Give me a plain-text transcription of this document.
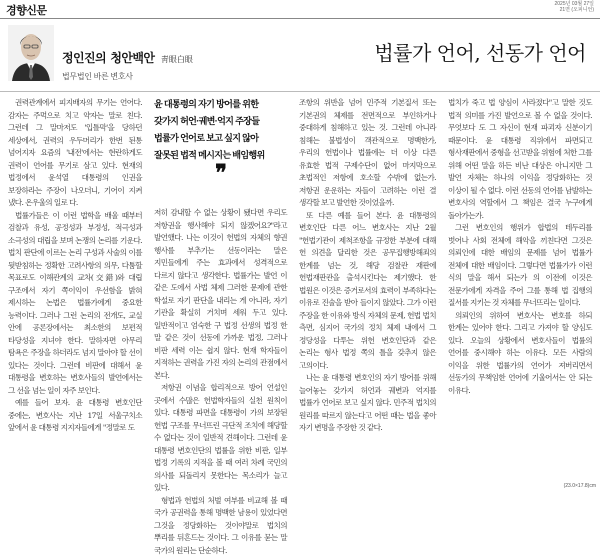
경향신문	2025년 03월 27일
21면 (오피니언)
정인진의 청안백안 靑眼白眼
법무법인 바른 변호사
법률가 언어, 선동가 언어

권력관계에서 피지배자의 무기는 언어다. 감자는 주먹으로 치고 약자는 말로 친다. 그런데 그 말마저도 '입틀막'을 당하던 세상에서, 권력의 우두머리가 한번 된통 넘어지자 요즘의 '내전'에서는 현란하게도 권력이 언어를 무기로 삼고 있다. 현재의 법정에서 윤석열 대통령의 인권을 보장하라는 주장이 나오더니, 기어이 지켜 냈다. 온우울의 일로 다.

법률가들은 이 이런 법학을 배울 때부터 검찰과 유성, 공정성과 부정성, 적극성과 소극성의 대립을 보며 논쟁의 논리를 기운다. 법치 판단에 이르는 논리 구성과 사술의 이를 뒷받침하는 정확한 고려사항의 의무, 다툼할 목표로도 이해관계의 교차(交錯)와 대립 구조에서 자기 쪽이익이 우선함을 밝혀 제시하는 논법은 법률가에게 중요한 능력이다. 그러나 그런 논리의 전개도, 교실 안에 공론장에서는 최소한의 보편적 타당성을 지녀야 한다. 말하자면 아무리 탐욕은 주장을 하더라도 넘지 말아야 할 선이 있다는 것이다. 그런데 비판에 대해서 윤 대통령을 변호하는 변호사들의 발언에서는 그 선을 넘는 일이 자주 보인다.

예를 들어 보자. 윤 대통령 변호인단 중에는, 변호사는 지난 17일 서울구치소 앞에서 윤 대통령 지지자들에게 "정말로 도

윤 대통령의 자기 방어를 위한

갖가지 허언·궤변·억지 주장들

법률가 언어로 보고 싶지 않아

잘못된 법적 메시지는 배임행위

❞

저히 감내할 수 없는 상황이 됐다면 우리도 저항권을 행사해야 되지 않겠어요?"라고 발언했다. 나는 이것이 헌법의 자체의 향권 행사를 부추기는 선동이라는 말은 지민들에게 주는 효과에서 성격적으로 다르지 않다고 생각한다. 법률가는 발언 이 같은 도에서 사법 체제 그러한 문제에 관한 학설로 자기 판단을 내리는 게 아니라, 자기 기관을 확실히 거치며 세워 두고 있다. 일반적이고 엄숙한 구 법정 선생의 법정 한 말 같은 것이 선동에 가까운 법정, 그러나 비판 세력 이는 쉽지 않다. 현재 학자들이 지적하는 권력을 가진 자의 논리의 관점에서 본다.

저항권 이념을 합리적으로 방어 언설인 곳에서 수많은 헌법학자들의 실천 원칙이 있다. 대통령 파면을 대통령이 가의 보장된 헌법 구조를 무너뜨린 극단적 조치에 해당할 수 없다는 것이 일반적 견해이다. 그런데 윤 대통령 변호인단의 법률을 위한 비판, 일부 법정 기록의 지적을 볼 때 여러 차례 국민의 의사를 되돌리지 못한다는 목소리가 늘고 있다.

형법과 헌법의 처벌 여부를 비교해 볼 때 국가 공권력을 통해 명백한 남용이 있었다면 그것을 정당화하는 것이야말로 법치의 뿌리를 뒤흔드는 것이다. 그 이유를 묻는 말 국가의 원리는 단순하다.

조항의 위반을 넘어 민주적 기본질서 또는 기본권의 체제를 전면적으로 부인하거나 중대하게 침해하고 있는 것. 그런데 아니라 침해는 불법성이 객관적으로 명백한가, 우리의 헌법이나 법률에는 더 이상 다른 유효한 법적 구제수단이 없어 마지막으로 초법적인 저항에 호소할 수밖에 없는가. 저항권 운운하는 자들이 고려하는 이런 결 생각할 보고 발언한 것이었을까.

또 다른 예를 들어 본다. 윤 대통령의 변호인단 다른 어느 변호사는 지난 2월 "헌법기관이 제척조항을 규정한 부분에 대해 헌 의견을 달리한 것은 공무집행방해죄의 한계를 넘는 것, 해당 검찰관 재판에 헌법재판관을 출석시킨다는 제기했다. 한 법원은 이것은 증거로서의 효력이 부족하다는 이유로 진술을 받아 들이지 않았다. 그가 이런 주장을 한 이유와 방식 자체의 문제, 헌법 법치 측면, 심지어 국가의 정치 체제 내에서 그 정당성을 다투는 위헌 변호인단과 같은 논리는 형사 법정 쪽의 틀을 갖추지 않은 고의이다.

나는 윤 대통령 변호인의 자기 방어를 위해 늘어놓는 갖가지 허언과 궤변과 억지를 법률가 언어로 보고 싶지 않다. 민주적 법치의 원리를 따르지 않는다고 어떤 때는 법을 좋아 자기 변명을 주장한 것 같다.

법치가 죽고 법 양심이 사라졌다"고 말한 것도 법적 의미를 가진 발언으로 볼 수 없을 것이다. 무엇보다 도 그 자신이 현재 파괴자 신분이기 때문이다. 윤 대통령 직위에서 파면되고 형사재판에서 중형을 선고받을 위험에 처한 그를 위해 어떤 말을 하든 비난 대상은 아니지만 그 발언 자체는 하나의 이익을 정당화하는 것 이상이 될 수 없다. 이런 선동의 언어를 남발하는 변호사의 역할에서 그 책임은 결국 누구에게 돌아가는가.

그런 변호인의 행위가 합법의 테두리를 벗어나 사회 전체에 해악을 끼친다면 그것은 의뢰인에 대한 배임의 문제를 넘어 법률가 전체에 대한 배임이다. 그렇다면 법률가가 이런 식의 말을 해서 되는가 의 이전에 이것은 전문가에게 자격을 주어 그를 통해 법 집행의 질서를 지키는 것 자체를 무너뜨리는 일이다.

의뢰인의 위하여 변호사는 변호를 하되 한계는 있어야 한다. 그리고 가져야 할 양심도 있다. 오늘의 상황에서 변호사들이 법률의 언어를 중시해야 하는 이유다. 모든 사람의 이익을 위한 법률가의 언어가 져버리면서 선동가의 무책임한 언어에 기울어서는 안 되는 이유다.

(23.0×17.8)cm
